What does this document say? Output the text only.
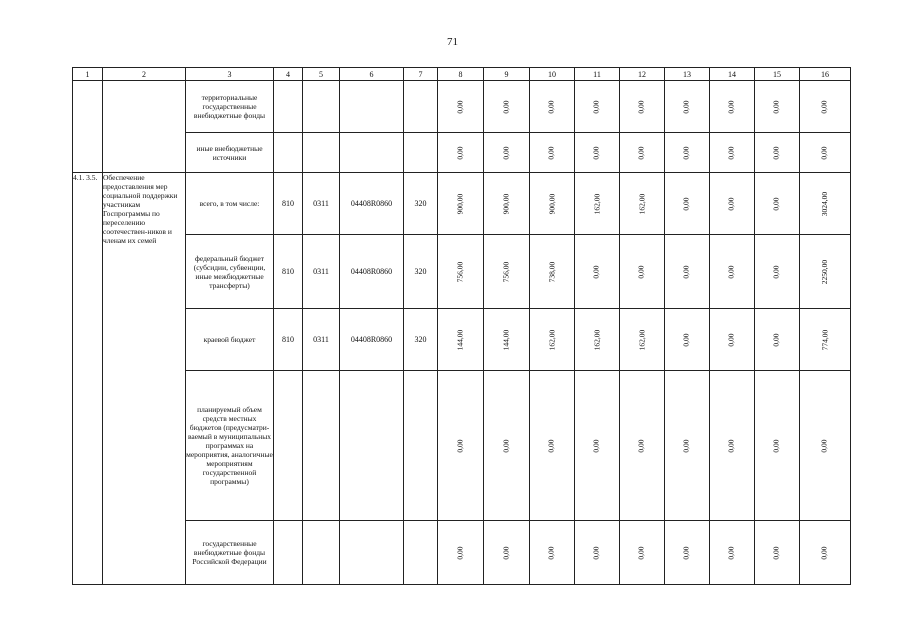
71
1	2	3	4	5	6	7	8	9	10	11	12	13	14	15	16
		территориальные государственные внебюджетные фонды					0,00	0,00	0,00	0,00	0,00	0,00	0,00	0,00	0,00
		иные внебюджетные источники					0,00	0,00	0,00	0,00	0,00	0,00	0,00	0,00	0,00
4.1. 3.5.	Обеспечение предоставления мер социальной поддержки участникам Госпрограммы по переселению соотечествен-ников и членам их семей	всего, в том числе:	810	0311	04408R0860	320	900,00	900,00	900,00	162,00	162,00	0,00	0,00	0,00	3024,00
		федеральный бюджет (субсидии, субвенции, иные межбюджетные трансферты)	810	0311	04408R0860	320	756,00	756,00	738,00	0,00	0,00	0,00	0,00	0,00	2250,00
		краевой бюджет	810	0311	04408R0860	320	144,00	144,00	162,00	162,00	162,00	0,00	0,00	0,00	774,00
		планируемый объем средств местных бюджетов (предусматри-ваемый в муниципальных программах на мероприятия, аналогичные мероприятиям государственной программы)					0,00	0,00	0,00	0,00	0,00	0,00	0,00	0,00	0,00
		государственные внебюджетные фонды Российской Федерации					0,00	0,00	0,00	0,00	0,00	0,00	0,00	0,00	0,00
